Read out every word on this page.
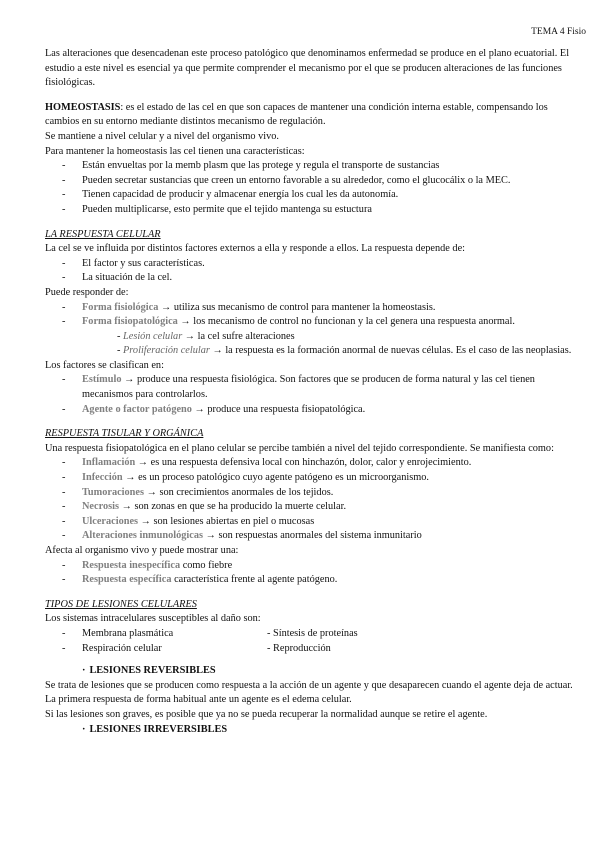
TEMA 4 Fisio

Las alteraciones que desencadenan este proceso patológico que denominamos enfermedad se produce en el plano ecuatorial. El estudio a este nivel es esencial ya que permite comprender el mecanismo por el que se producen alteraciones de las funciones fisiológicas.

HOMEOSTASIS: es el estado de las cel en que son capaces de mantener una condición interna estable, compensando los cambios en su entorno mediante distintos mecanismo de regulación.

Se mantiene a nivel celular y a nivel del organismo vivo.

Para mantener la homeostasis las cel tienen una características:

- Están envueltas por la memb plasm que las protege y regula el transporte de sustancias
- Pueden secretar sustancias que creen un entorno favorable a su alrededor, como el glucocálix o la MEC.
- Tienen capacidad de producir y almacenar energía los cual les da autonomía.
- Pueden multiplicarse, esto permite que el tejido mantenga su estuctura

LA RESPUESTA CELULAR

La cel se ve influida por distintos factores externos a ella y responde a ellos. La respuesta depende de:

- El factor y sus características.
- La situación de la cel.

Puede responder de:

- Forma fisiológica → utiliza sus mecanismo de control para mantener la homeostasis.
- Forma fisiopatológica → los mecanismo de control no funcionan y la cel genera una respuesta anormal.

- Lesión celular → la cel sufre alteraciones

- Proliferación celular → la respuesta es la formación anormal de nuevas células. Es el caso de las neoplasias.

Los factores se clasifican en:

- Estímulo → produce una respuesta fisiológica. Son factores que se producen de forma natural y las cel tienen mecanismos para controlarlos.
- Agente o factor patógeno → produce una respuesta fisiopatológica.

RESPUESTA TISULAR Y ORGÁNICA

Una respuesta fisiopatológica en el plano celular se percibe también a nivel del tejido correspondiente. Se manifiesta como:

- Inflamación → es una respuesta defensiva local con hinchazón, dolor, calor y enrojecimiento.
- Infección → es un proceso patológico cuyo agente patógeno es un microorganismo.
- Tumoraciones → son crecimientos anormales de los tejidos.
- Necrosis → son zonas en que se ha producido la muerte celular.
- Ulceraciones → son lesiones abiertas en piel o mucosas
- Alteraciones inmunológicas → son respuestas anormales del sistema inmunitario

Afecta al organismo vivo y puede mostrar una:

- Respuesta inespecífica como fiebre
- Respuesta específica característica frente al agente patógeno.

TIPOS DE LESIONES CELULARES

Los sistemas intracelulares susceptibles al daño son:

- Membrana plasmática	- Síntesis de proteínas
- Respiración celular	- Reproducción

· LESIONES REVERSIBLES

Se trata de lesiones que se producen como respuesta a la acción de un agente y que desaparecen cuando el agente deja de actuar. La primera respuesta de forma habitual ante un agente es el edema celular.

Si las lesiones son graves, es posible que ya no se pueda recuperar la normalidad aunque se retire el agente.

· LESIONES IRREVERSIBLES
